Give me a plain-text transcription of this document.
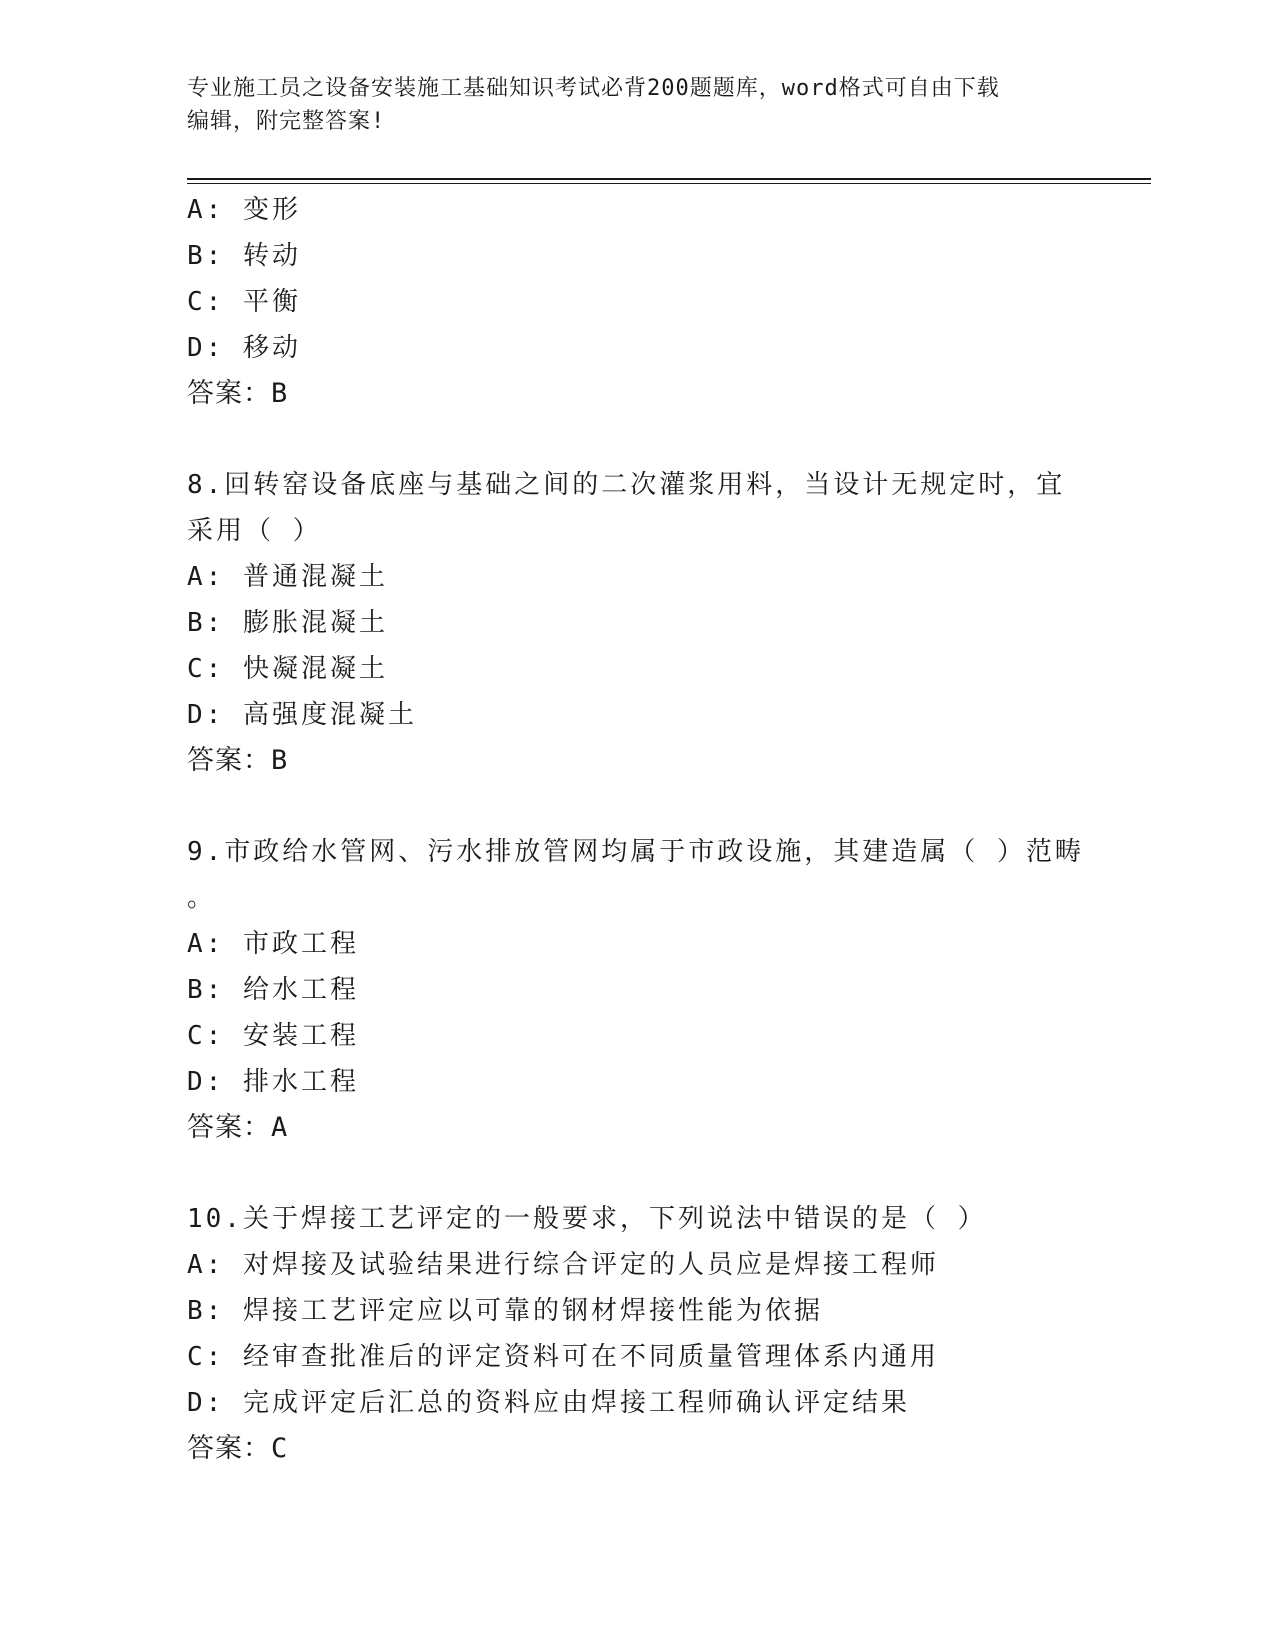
专业施工员之设备安装施工基础知识考试必背200题题库，word格式可自由下载
编辑，附完整答案!
A: 变形
B: 转动
C: 平衡
D: 移动
答案：B
8.回转窑设备底座与基础之间的二次灌浆用料，当设计无规定时，宜
采用（ ）
A: 普通混凝土
B: 膨胀混凝土
C: 快凝混凝土
D: 高强度混凝土
答案：B
9.市政给水管网、污水排放管网均属于市政设施，其建造属（ ）范畴
。
A: 市政工程
B: 给水工程
C: 安装工程
D: 排水工程
答案：A
10.关于焊接工艺评定的一般要求，下列说法中错误的是（ ）
A: 对焊接及试验结果进行综合评定的人员应是焊接工程师
B: 焊接工艺评定应以可靠的钢材焊接性能为依据
C: 经审查批准后的评定资料可在不同质量管理体系内通用
D: 完成评定后汇总的资料应由焊接工程师确认评定结果
答案：C
